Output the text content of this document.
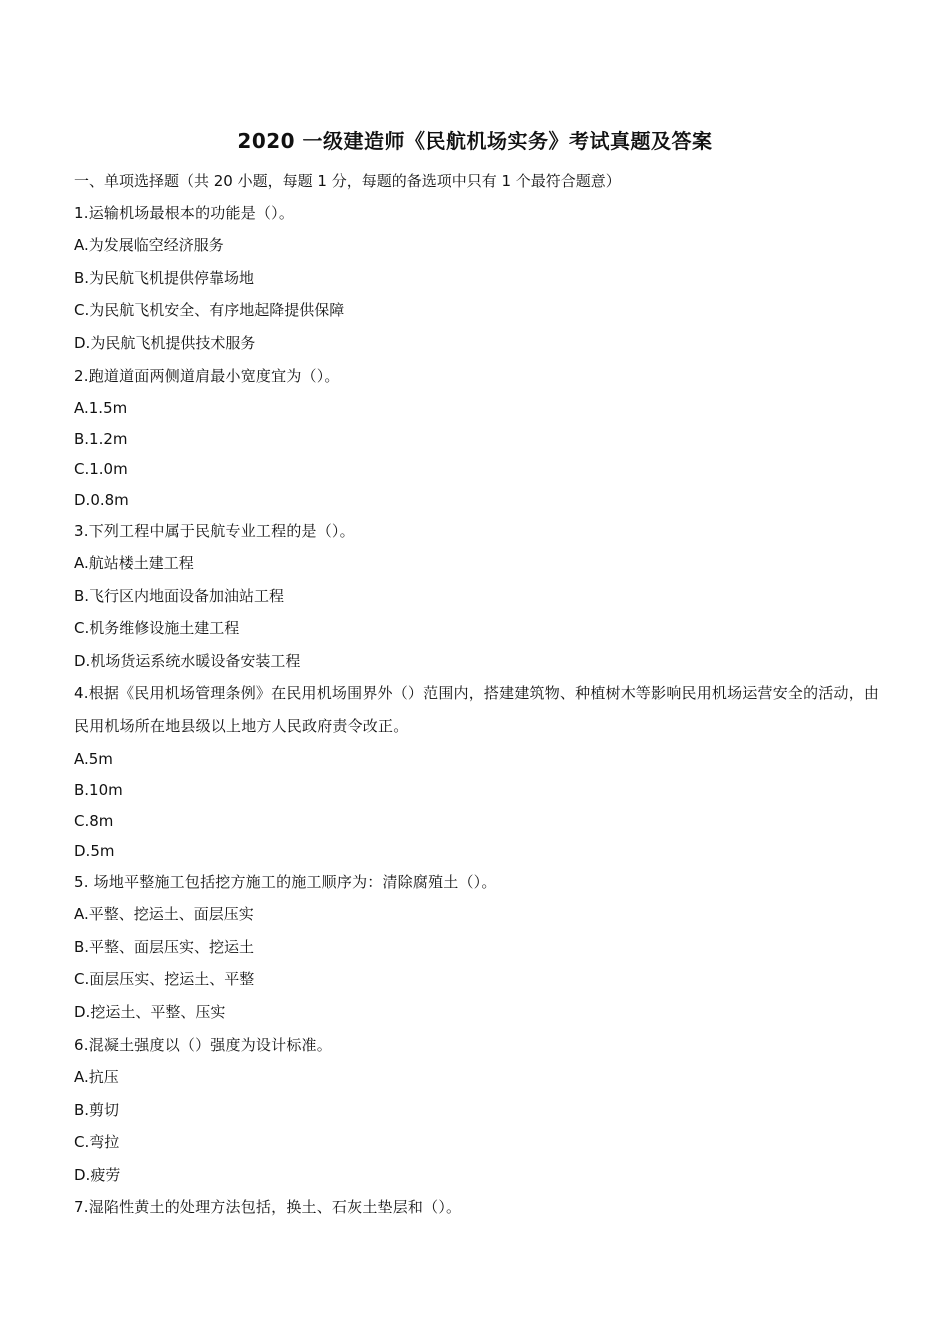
2020 一级建造师《民航机场实务》考试真题及答案
一、单项选择题（共 20 小题，每题 1 分，每题的备选项中只有 1 个最符合题意）
1.运输机场最根本的功能是（）。
A.为发展临空经济服务
B.为民航飞机提供停靠场地
C.为民航飞机安全、有序地起降提供保障
D.为民航飞机提供技术服务
2.跑道道面两侧道肩最小宽度宜为（）。
A.1.5m
B.1.2m
C.1.0m
D.0.8m
3.下列工程中属于民航专业工程的是（）。
A.航站楼土建工程
B.飞行区内地面设备加油站工程
C.机务维修设施土建工程
D.机场货运系统水暖设备安装工程
4.根据《民用机场管理条例》在民用机场围界外（）范围内，搭建建筑物、种植树木等影响民用机场运营安全的活动，由民用机场所在地县级以上地方人民政府责令改正。
A.5m
B.10m
C.8m
D.5m
5. 场地平整施工包括挖方施工的施工顺序为：清除腐殖土（）。
A.平整、挖运土、面层压实
B.平整、面层压实、挖运土
C.面层压实、挖运土、平整
D.挖运土、平整、压实
6.混凝土强度以（）强度为设计标准。
A.抗压
B.剪切
C.弯拉
D.疲劳
7.湿陷性黄土的处理方法包括，换土、石灰土垫层和（）。
